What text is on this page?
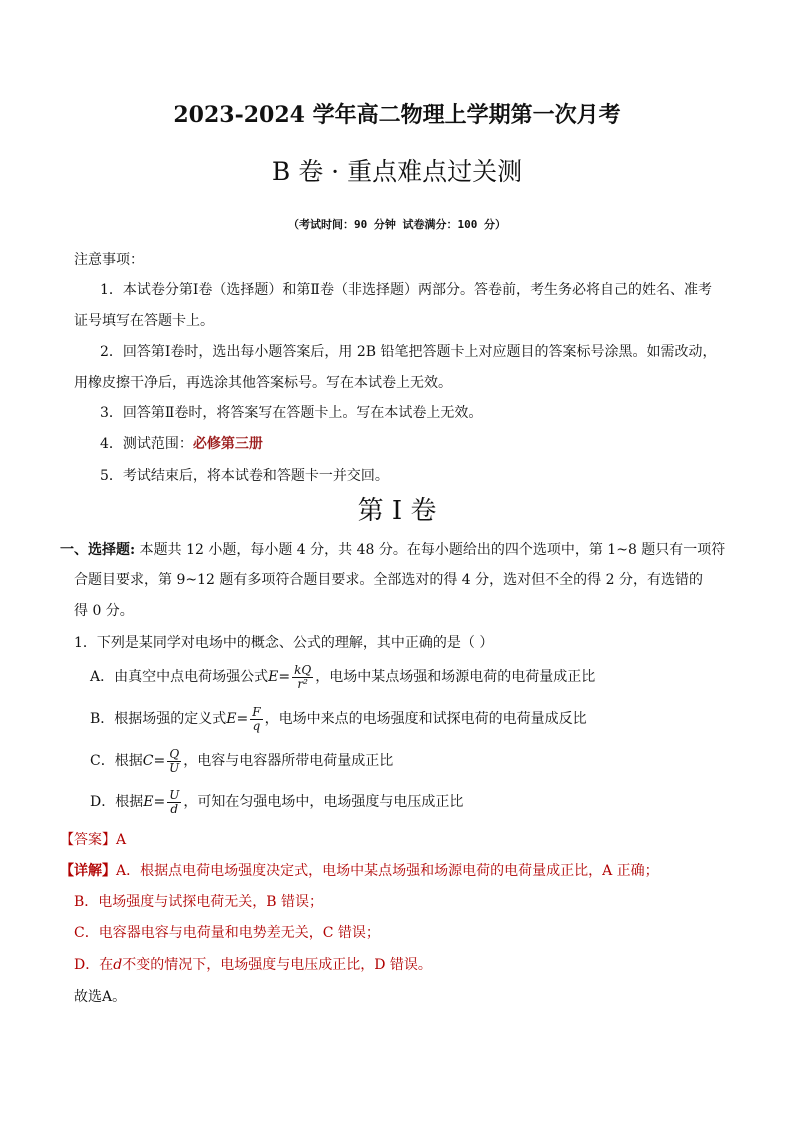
2023-2024 学年高二物理上学期第一次月考
B 卷 · 重点难点过关测
（考试时间：90 分钟 试卷满分：100 分）
注意事项：
1．本试卷分第Ⅰ卷（选择题）和第Ⅱ卷（非选择题）两部分。答卷前，考生务必将自己的姓名、准考
证号填写在答题卡上。
2．回答第Ⅰ卷时，选出每小题答案后，用 2B 铅笔把答题卡上对应题目的答案标号涂黑。如需改动，
用橡皮擦干净后，再选涂其他答案标号。写在本试卷上无效。
3．回答第Ⅱ卷时，将答案写在答题卡上。写在本试卷上无效。
4．测试范围：必修第三册
5．考试结束后，将本试卷和答题卡一并交回。
第 I 卷
一、选择题: 本题共 12 小题，每小题 4 分，共 48 分。在每小题给出的四个选项中，第 1~8 题只有一项符
合题目要求，第 9~12 题有多项符合题目要求。全部选对的得 4 分，选对但不全的得 2 分，有选错的
得 0 分。
1．下列是某同学对电场中的概念、公式的理解，其中正确的是（ ）
A．由真空中点电荷场强公式$E= \frac{kQ}{\text{r²}}$ ，电场中某点场强和场源电荷的电荷量成正比
B．根据场强的定义式$E= \frac{F}{q}$ ，电场中来点的电场强度和试探电荷的电荷量成反比
C．根据$C= \frac{Q}{U}$ ，电容与电容器所带电荷量成正比
D．根据$E= \frac{U}{d}$ ，可知在匀强电场中，电场强度与电压成正比
【答案】A
【详解】A．根据点电荷电场强度决定式，电场中某点场强和场源电荷的电荷量成正比，A 正确；
B．电场强度与试探电荷无关，B 错误；
C．电容器电容与电荷量和电势差无关，C 错误；
D．在d不变的情况下，电场强度与电压成正比，D 错误。
故选A。
